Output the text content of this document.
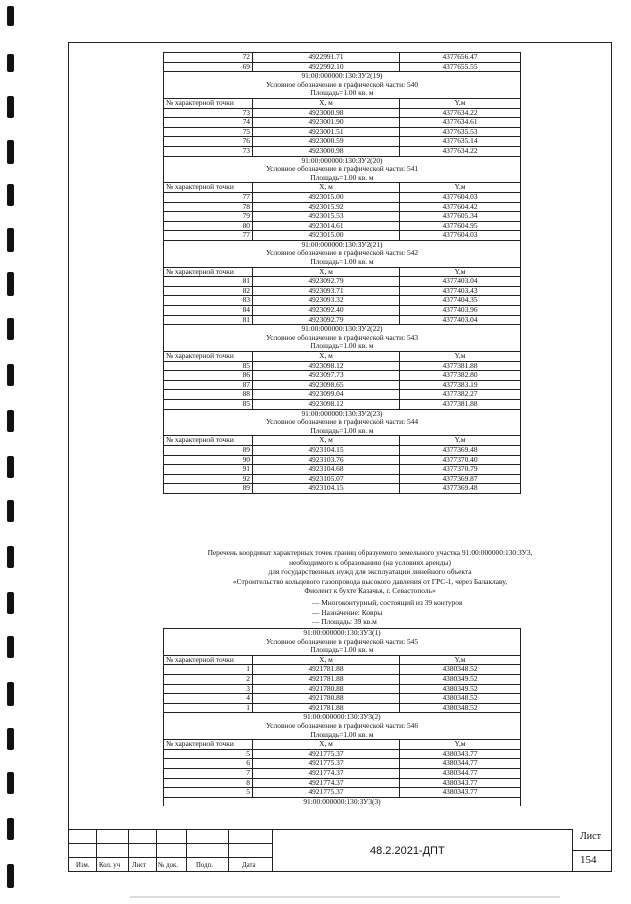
72	4922991.71	4377656.47
69	4922992.10	4377655.55
91:00:000000:130:ЗУ2(19)		
Условное обозначение в графической части: 540		
Площадь=1.00 кв. м		
№ характерной точки	X, м	Y,м
73	4923000.98	4377634.22
74	4923001.90	4377634.61
75	4923001.51	4377635.53
76	4923000.59	4377635.14
73	4923000.98	4377634.22
91:00:000000:130:ЗУ2(20)		
Условное обозначение в графической части: 541		
Площадь=1.00 кв. м		
№ характерной точки	X, м	Y,м
77	4923015.00	4377604.03
78	4923015.92	4377604.42
79	4923015.53	4377605.34
80	4923014.61	4377604.95
77	4923015.00	4377604.03
91:00:000000:130:ЗУ2(21)		
Условное обозначение в графической части: 542		
Площадь=1.00 кв. м		
№ характерной точки	X, м	Y,м
81	4923092.79	4377403.04
82	4923093.71	4377403.43
83	4923093.32	4377404.35
84	4923092.40	4377403.96
81	4923092.79	4377403.04
91:00:000000:130:ЗУ2(22)		
Условное обозначение в графической части: 543		
Площадь=1.00 кв. м		
№ характерной точки	X, м	Y,м
85	4923098.12	4377381.88
86	4923097.73	4377382.80
87	4923098.65	4377383.19
88	4923099.04	4377382.27
85	4923098.12	4377381.88
91:00:000000:130:ЗУ2(23)		
Условное обозначение в графической части: 544		
Площадь=1.00 кв. м		
№ характерной точки	X, м	Y,м
89	4923104.15	4377369.48
90	4923103.76	4377370.40
91	4923104.68	4377370.79
92	4923105.07	4377369.87
89	4923104.15	4377369.48
Перечень координат характерных точек границ образуемого земельного участка 91:00:000000:130:ЗУ3,
необходимого к образованию (на условиях аренды)
для государственных нужд для эксплуатации линейного объекта
«Строительство кольцевого газопровода высокого давления от ГРС-1, через Балаклаву,
Фиолент к бухте Казачья, г. Севастополь»
— Многоконтурный, состоящий из 39 контуров
— Назначение: Ковры
— Площадь: 39 кв.м
91:00:000000:130:ЗУ3(1)		
Условное обозначение в графической части: 545		
Площадь=1.00 кв. м		
№ характерной точки	X, м	Y,м
1	4921781.88	4380348.52
2	4921781.88	4380349.52
3	4921780.88	4380349.52
4	4921780.88	4380348.52
1	4921781.88	4380348.52
91:00:000000:130:ЗУ3(2)		
Условное обозначение в графической части: 546		
Площадь=1.00 кв. м		
№ характерной точки	X, м	Y,м
5	4921775.37	4380343.77
6	4921775.37	4380344.77
7	4921774.37	4380344.77
8	4921774.37	4380343.77
5	4921775.37	4380343.77
91:00:000000:130:ЗУ3(3)		
Изм. Кол. уч Лист № док.	Подп.	Дата
48.2.2021-ДПТ
Лист
154
